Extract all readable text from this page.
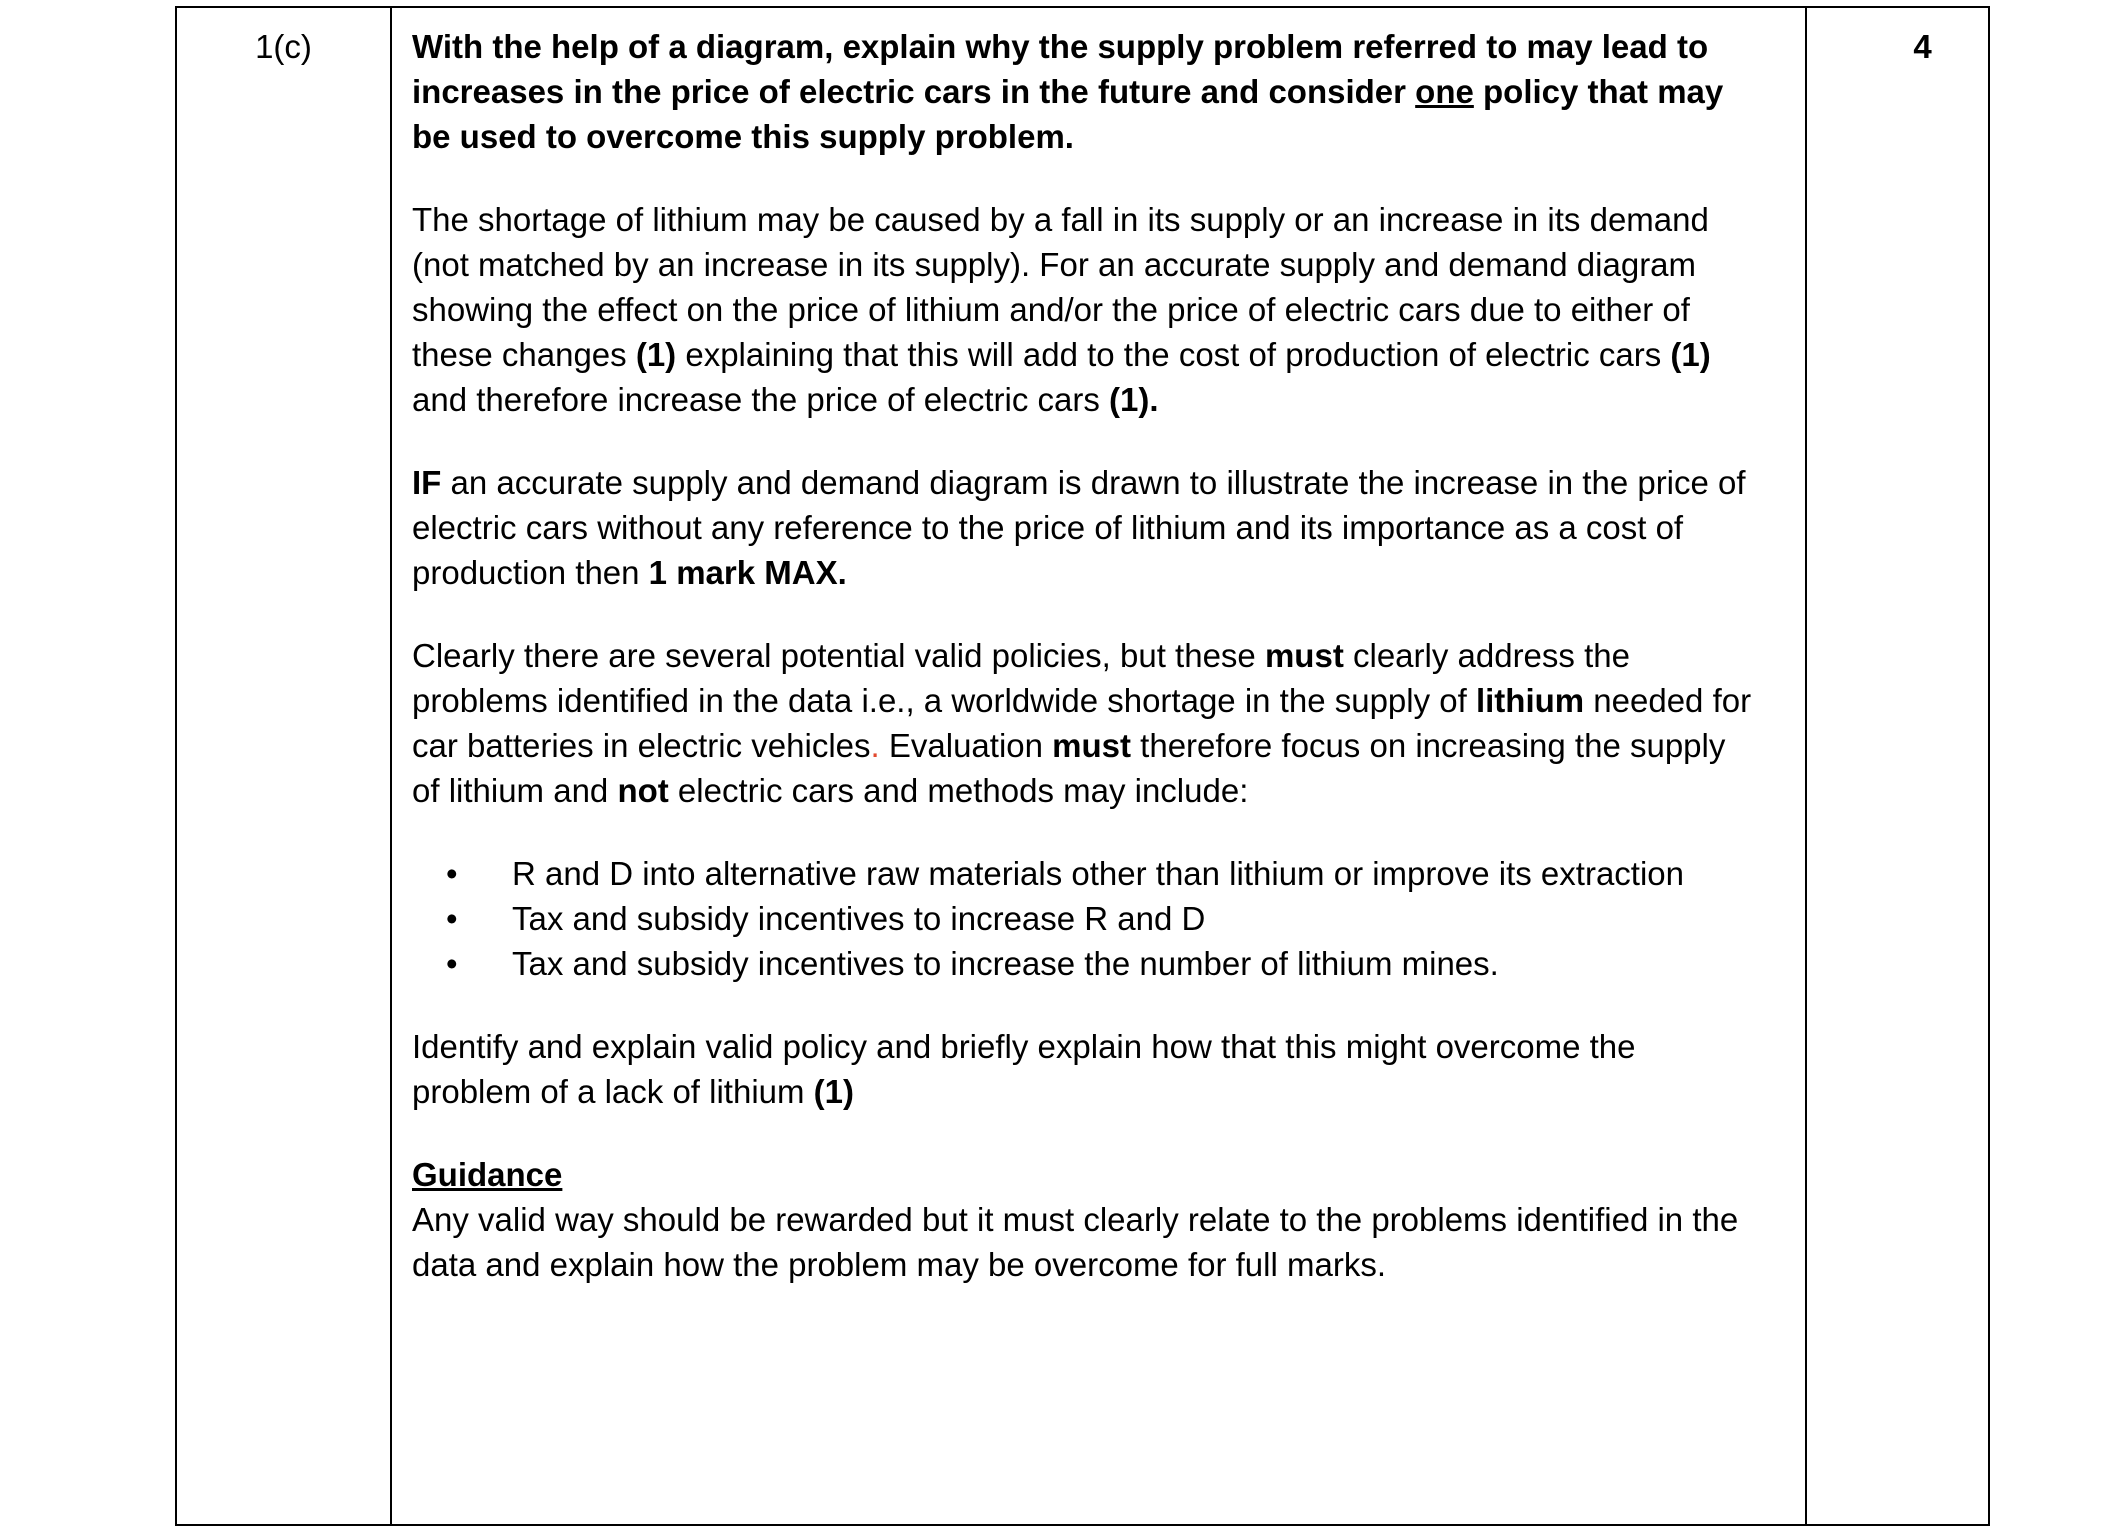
1(c)	With the help of a diagram, explain why the supply problem referred to may lead to increases in the price of electric cars in the future and consider one policy that may be used to overcome this supply problem.

The shortage of lithium may be caused by a fall in its supply or an increase in its demand (not matched by an increase in its supply). For an accurate supply and demand diagram showing the effect on the price of lithium and/or the price of electric cars due to either of these changes (1) explaining that this will add to the cost of production of electric cars (1) and therefore increase the price of electric cars (1).

IF an accurate supply and demand diagram is drawn to illustrate the increase in the price of electric cars without any reference to the price of lithium and its importance as a cost of production then 1 mark MAX.

Clearly there are several potential valid policies, but these must clearly address the problems identified in the data i.e., a worldwide shortage in the supply of lithium needed for car batteries in electric vehicles. Evaluation must therefore focus on increasing the supply of lithium and not electric cars and methods may include:

• R and D into alternative raw materials other than lithium or improve its extraction
• Tax and subsidy incentives to increase R and D
• Tax and subsidy incentives to increase the number of lithium mines.

Identify and explain valid policy and briefly explain how that this might overcome the problem of a lack of lithium (1)

Guidance

Any valid way should be rewarded but it must clearly relate to the problems identified in the data and explain how the problem may be overcome for full marks.

4
